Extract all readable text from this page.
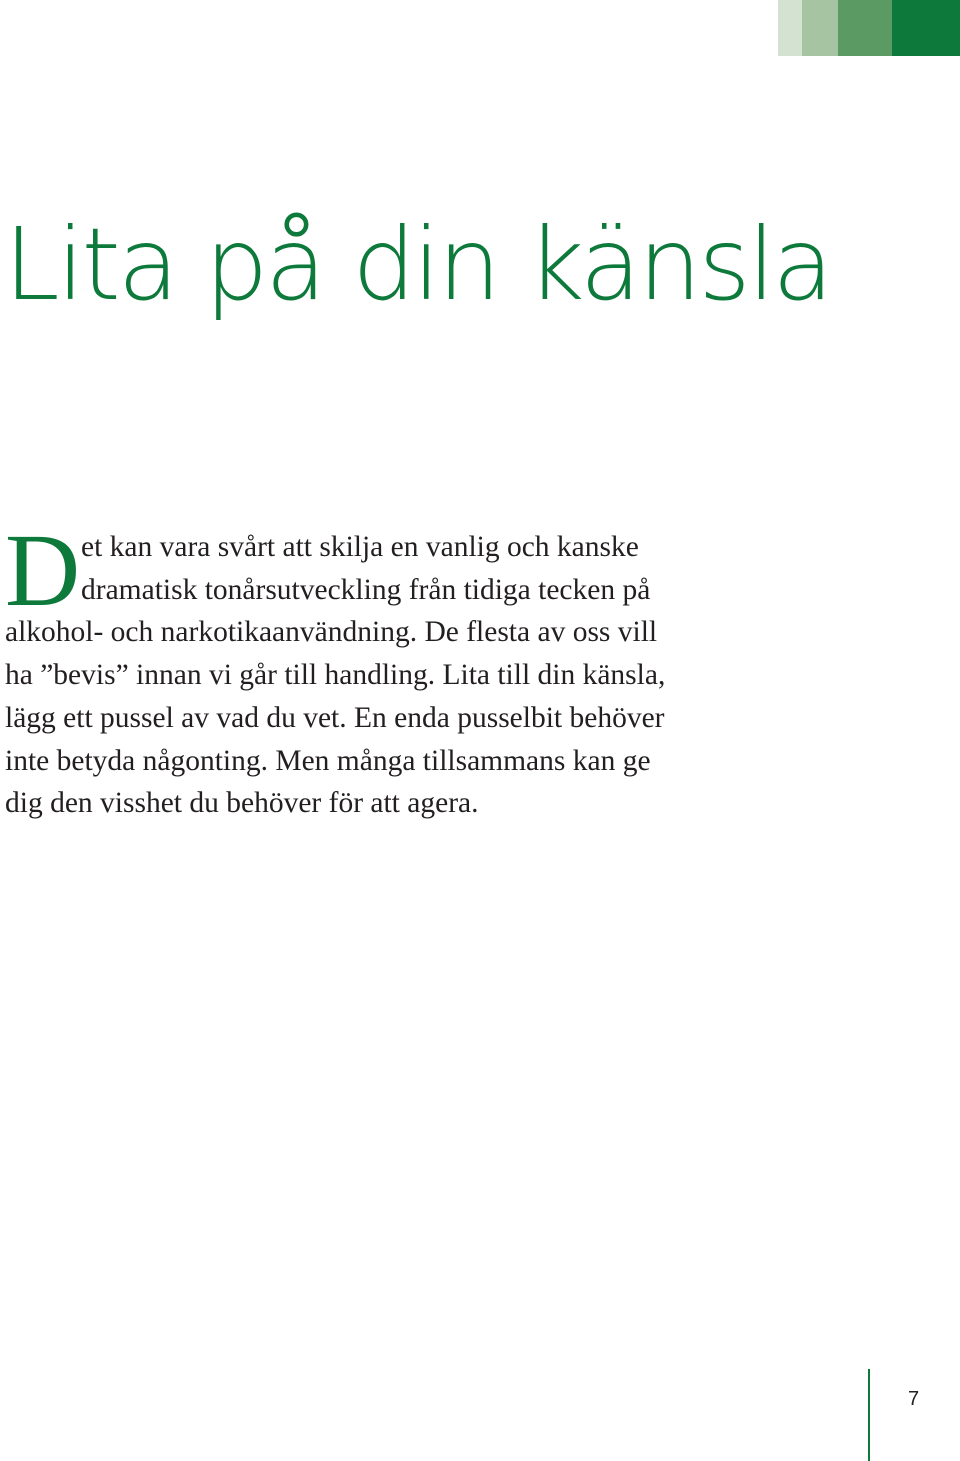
Lita på din känsla
D et kan vara svårt att skilja en vanlig och kanske
dramatisk tonårsutveckling från tidiga tecken på
alkohol- och narkotikaanvändning. De flesta av oss vill
ha ”bevis” innan vi går till handling. Lita till din känsla,
lägg ett pussel av vad du vet. En enda pusselbit behöver
inte betyda någonting. Men många tillsammans kan ge
dig den visshet du behöver för att agera.
7
